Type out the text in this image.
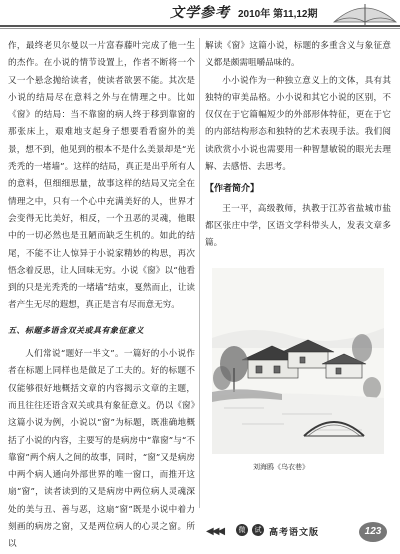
文学参考 2010年 第11,12期

作，最终老贝尔曼以一片富春藤叶完成了他一生的杰作。在小说的情节设置上，作者不断将一个又一个悬念抛给读者，使读者欲罢不能。其次是小说的结局尽在意料之外与在情理之中。比如《窗》的结局：当不靠窗的病人终于移到靠窗的那张床上，艰难地支起身子想要看看窗外的美景，想不到，他见到的根本不是什么美景却是“光秃秃的一堵墙”。这样的结局，真正是出乎所有人的意料，但细细思量，故事这样的结局又完全在情理之中，只有一个心中充满美好的人，世界才会变得无比美好，相反，一个丑恶的灵魂，他眼中的一切必然也是丑陋而缺乏生机的。如此的结尾，不能不让人惊异于小说家精妙的构思，再次悟念着反思，让人回味无穷。小说《窗》以“他看到的只是光秃秃的一堵墙”结束，戛然而止，让读者产生无尽的遐想，真正是言有尽而意无穷。

五、标题多语含双关或具有象征意义

人们常说“题好一半文”。一篇好的小小说作者在标题上同样也是做足了工夫的。好的标题不仅能够很好地概括文章的内容揭示文章的主题，而且往往还语含双关或具有象征意义。仍以《窗》这篇小说为例，小说以“窗”为标题，既准确地概括了小说的内容，主要写的是病房中“靠窗”与“不靠窗”两个病人之间的故事，同时，“窗”又是病房中两个病人通向外部世界的唯一窗口，而推开这扇“窗”，读者读到的又是病房中两位病人灵魂深处的美与丑、善与恶，这扇“窗”既是小说中着力刻画的病房之窗，又是两位病人的心灵之窗。所以

解读《窗》这篇小说，标题的多重含义与象征意义都是颇需咀嚼品味的。

小小说作为一种独立意义上的文体，具有其独特的审美品格。小小说和其它小说的区别，不仅仅在于它篇幅短少的外部形体特征，更在于它的内部结构形态和独特的艺术表现手法。我们阅读欣赏小小说也需要用一种智慧敏锐的眼光去理解、去感悟、去思考。

【作者简介】

王一平，高级教师，执教于江苏省盐城市盐都区张庄中学，区语文学科带头人，发表文章多篇。

刘海鸥《乌衣巷》
◀◀◀	微	试 高考语文版	123
